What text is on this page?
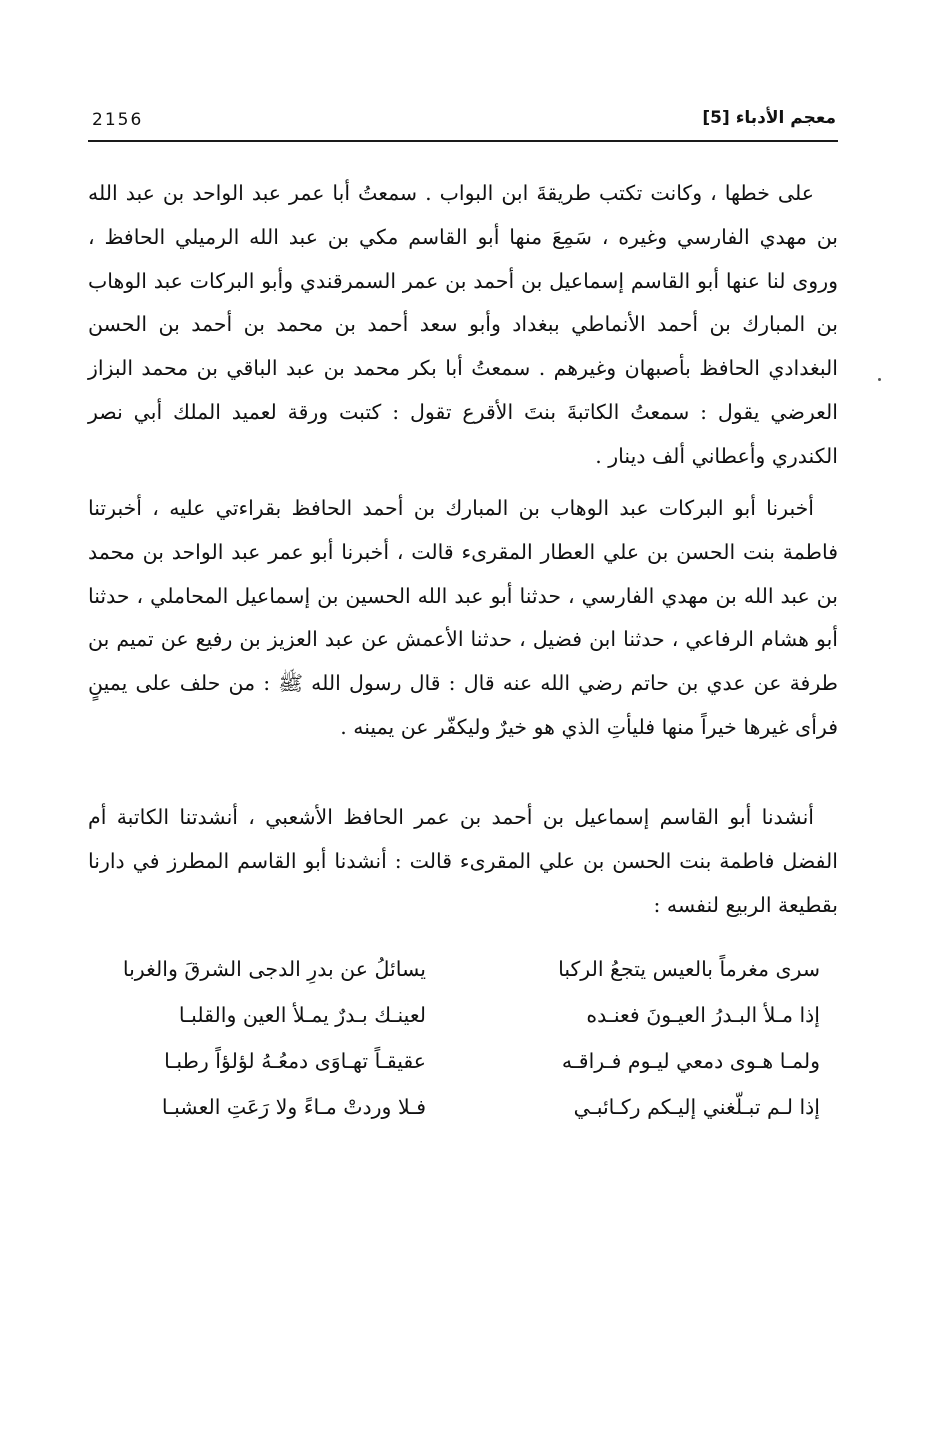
2156	معجم الأدباء [5]

على خطها ، وكانت تكتب طريقةَ ابن البواب . سمعتُ أبا عمر عبد الواحد بن عبد الله بن مهدي الفارسي وغيره ، سَمِعَ منها أبو القاسم مكي بن عبد الله الرميلي الحافظ ، وروى لنا عنها أبو القاسم إسماعيل بن أحمد بن عمر السمرقندي وأبو البركات عبد الوهاب بن المبارك بن أحمد الأنماطي ببغداد وأبو سعد أحمد بن محمد بن أحمد بن الحسن البغدادي الحافظ بأصبهان وغيرهم . سمعتُ أبا بكر محمد بن عبد الباقي بن محمد البزاز العرضي يقول : سمعتُ الكاتبةَ بنتَ الأقرع تقول : كتبت ورقة لعميد الملك أبي نصر الكندري وأعطاني ألف دينار .

أخبرنا أبو البركات عبد الوهاب بن المبارك بن أحمد الحافظ بقراءتي عليه ، أخبرتنا فاطمة بنت الحسن بن علي العطار المقرىء قالت ، أخبرنا أبو عمر عبد الواحد بن محمد بن عبد الله بن مهدي الفارسي ، حدثنا أبو عبد الله الحسين بن إسماعيل المحاملي ، حدثنا أبو هشام الرفاعي ، حدثنا ابن فضيل ، حدثنا الأعمش عن عبد العزيز بن رفيع عن تميم بن طرفة عن عدي بن حاتم رضي الله عنه قال : قال رسول الله ﷺ : من حلف على يمينٍ فرأى غيرها خيراً منها فليأتِ الذي هو خيرٌ وليكفّر عن يمينه .

أنشدنا أبو القاسم إسماعيل بن أحمد بن عمر الحافظ الأشعبي ، أنشدتنا الكاتبة أم الفضل فاطمة بنت الحسن بن علي المقرىء قالت : أنشدنا أبو القاسم المطرز في دارنا بقطيعة الربيع لنفسه :

سرى مغرماً بالعيس يتجعُ الركبا
يسائلُ عن بدرِ الدجى الشرقَ والغربا
إذا مـلأ البـدرُ العيـونَ فعنـده
لعينـك بـدرٌ يمـلأ العين والقلبـا
ولمـا هـوى دمعي ليـوم فـراقـه
عقيقـاً تهـاوَى دمعُـهُ لؤلؤاً رطبـا
إذا لـم تبـلّغني إليـكم ركـائبـي
فـلا وردتْ مـاءً ولا رَعَتِ العشبـا
